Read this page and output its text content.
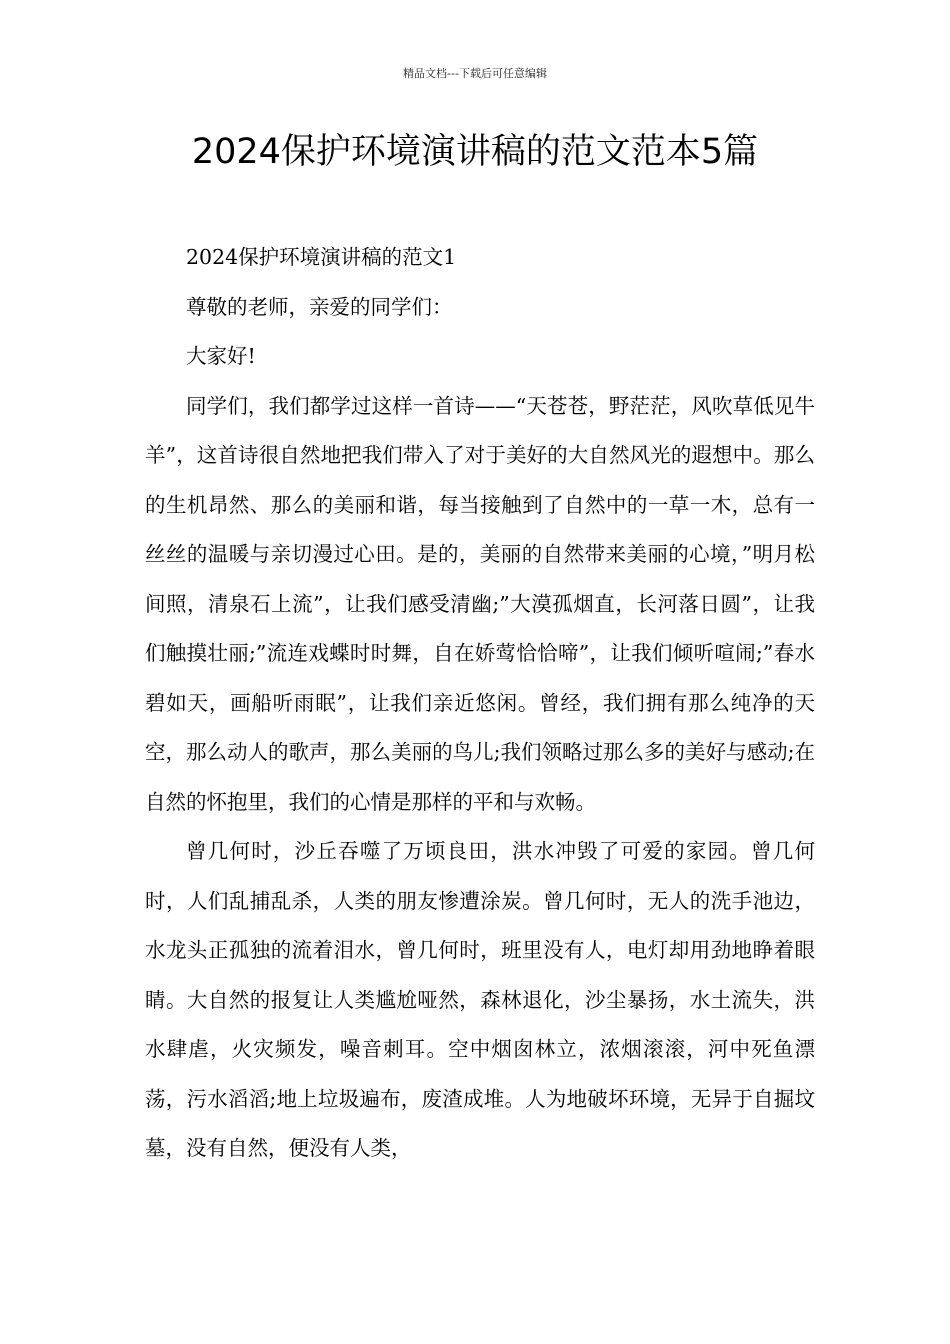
精品文档---下载后可任意编辑
2024保护环境演讲稿的范文范本5篇

2024保护环境演讲稿的范文1

尊敬的老师，亲爱的同学们：

大家好!

同学们，我们都学过这样一首诗——“天苍苍，野茫茫，风吹草低见牛羊”，这首诗很自然地把我们带入了对于美好的大自然风光的遐想中。那么的生机昂然、那么的美丽和谐，每当接触到了自然中的一草一木，总有一丝丝的温暖与亲切漫过心田。是的，美丽的自然带来美丽的心境，”明月松间照，清泉石上流”，让我们感受清幽;”大漠孤烟直，长河落日圆”，让我们触摸壮丽;”流连戏蝶时时舞，自在娇莺恰恰啼”，让我们倾听喧闹;”春水碧如天，画船听雨眠”，让我们亲近悠闲。曾经，我们拥有那么纯净的天空，那么动人的歌声，那么美丽的鸟儿;我们领略过那么多的美好与感动;在自然的怀抱里，我们的心情是那样的平和与欢畅。

曾几何时，沙丘吞噬了万顷良田，洪水冲毁了可爱的家园。曾几何时，人们乱捕乱杀，人类的朋友惨遭涂炭。曾几何时，无人的洗手池边，水龙头正孤独的流着泪水，曾几何时，班里没有人，电灯却用劲地睁着眼睛。大自然的报复让人类尴尬哑然，森林退化，沙尘暴扬，水土流失，洪水肆虐，火灾频发，噪音刺耳。空中烟囱林立，浓烟滚滚，河中死鱼漂荡，污水滔滔;地上垃圾遍布，废渣成堆。人为地破坏环境，无异于自掘坟墓，没有自然，便没有人类，
